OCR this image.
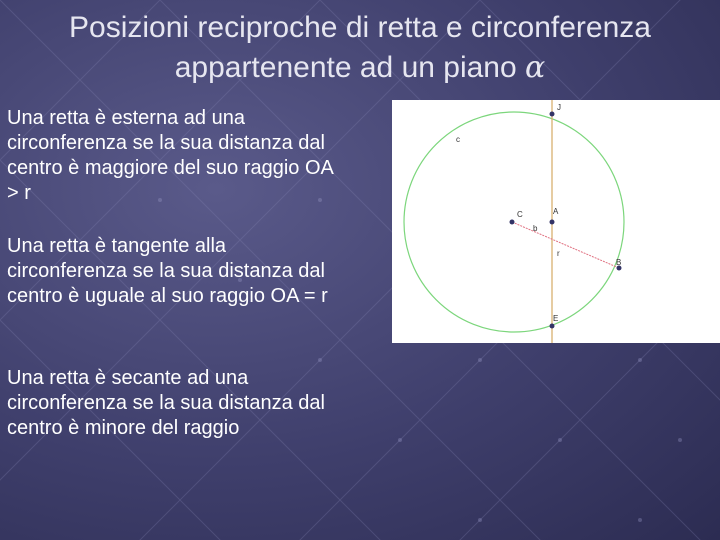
Posizioni reciproche di retta e circonferenza
appartenente ad un piano α
Una retta è esterna ad una circonferenza se la sua distanza dal centro è maggiore del suo raggio OA > r
Una retta è tangente alla circonferenza se la sua distanza dal centro è uguale al suo raggio OA = r
Una retta è secante ad una circonferenza se la sua distanza dal centro è minore del raggio
J
c
C	A
b
r
B
E
